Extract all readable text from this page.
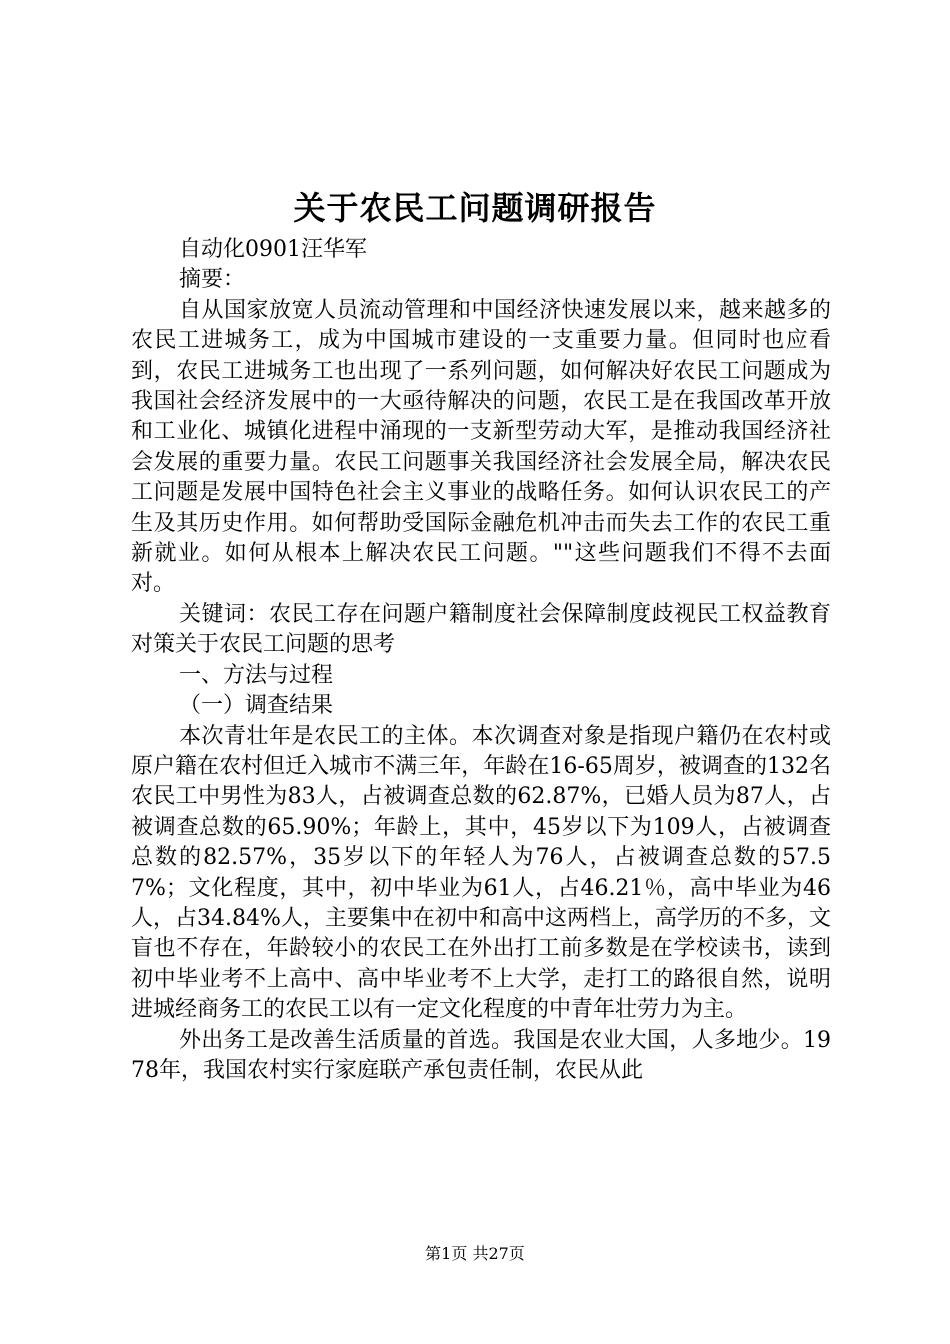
关于农民工问题调研报告

自动化0901汪华军

摘要：

自从国家放宽人员流动管理和中国经济快速发展以来，越来越多的农民工进城务工，成为中国城市建设的一支重要力量。但同时也应看到，农民工进城务工也出现了一系列问题，如何解决好农民工问题成为我国社会经济发展中的一大亟待解决的问题，农民工是在我国改革开放和工业化、城镇化进程中涌现的一支新型劳动大军，是推动我国经济社会发展的重要力量。农民工问题事关我国经济社会发展全局，解决农民工问题是发展中国特色社会主义事业的战略任务。如何认识农民工的产生及其历史作用。如何帮助受国际金融危机冲击而失去工作的农民工重新就业。如何从根本上解决农民工问题。""这些问题我们不得不去面对。

关键词：农民工存在问题户籍制度社会保障制度歧视民工权益教育对策关于农民工问题的思考

一、方法与过程

（一）调查结果

本次青壮年是农民工的主体。本次调查对象是指现户籍仍在农村或原户籍在农村但迁入城市不满三年，年龄在16-65周岁，被调查的132名农民工中男性为83人，占被调查总数的62.87%，已婚人员为87人，占被调查总数的65.90%；年龄上，其中，45岁以下为109人，占被调查总数的82.57%，35岁以下的年轻人为76人，占被调查总数的57.57%；文化程度，其中，初中毕业为61人，占46.21％，高中毕业为46人，占34.84%人，主要集中在初中和高中这两档上，高学历的不多，文盲也不存在，年龄较小的农民工在外出打工前多数是在学校读书，读到初中毕业考不上高中、高中毕业考不上大学，走打工的路很自然，说明进城经商务工的农民工以有一定文化程度的中青年壮劳力为主。

外出务工是改善生活质量的首选。我国是农业大国，人多地少。1978年，我国农村实行家庭联产承包责任制，农民从此

第1页 共27页
